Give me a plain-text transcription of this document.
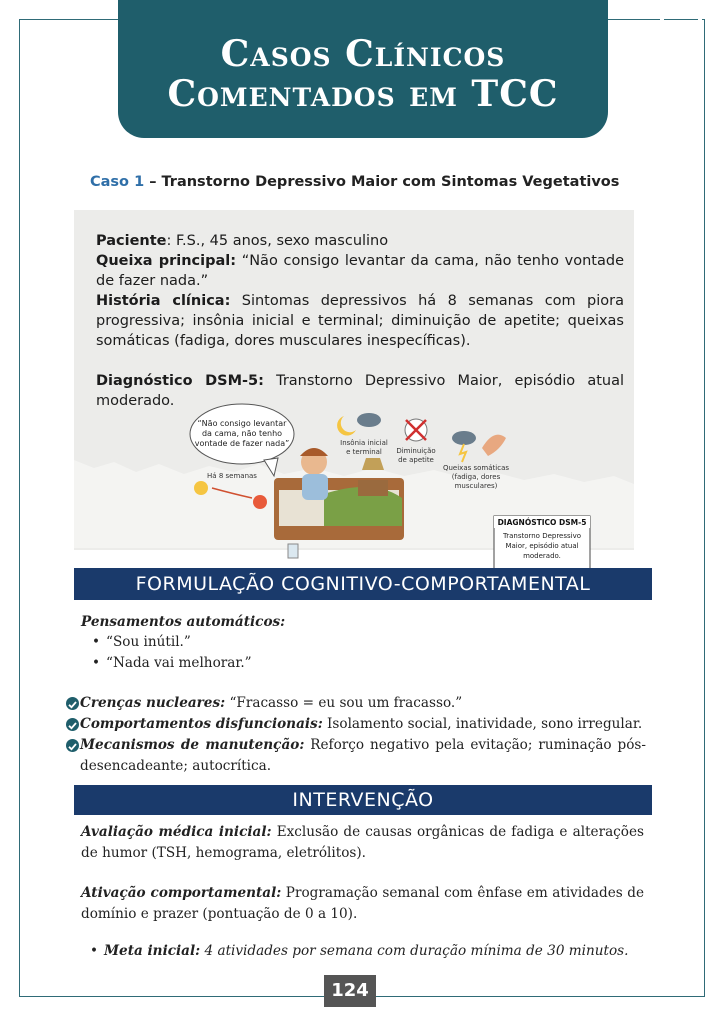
Casos Clínicos
Comentados em TCC
Caso 1 – Transtorno Depressivo Maior com Sintomas Vegetativos

Paciente: F.S., 45 anos, sexo masculino

Queixa principal: “Não consigo levantar da cama, não tenho vontade de fazer nada.”

História clínica: Sintomas depressivos há 8 semanas com piora progressiva; insônia inicial e terminal; diminuição de apetite; queixas somáticas (fadiga, dores musculares inespecíficas).

Diagnóstico DSM-5: Transtorno Depressivo Maior, episódio atual moderado.

“Não consigo levantar
da cama, não tenho
vontade de fazer nada”
Há 8 semanas
Insônia inicial
e terminal Diminuição
de apetite
Queixas somáticas
(fadiga, dores
musculares)
DIAGNÓSTICO DSM-5
Transtorno Depressivo
Maior, episódio atual
moderado.
FORMULAÇÃO COGNITIVO-COMPORTAMENTAL
Pensamentos automáticos:
• “Sou inútil.”
• “Nada vai melhorar.”
Crenças nucleares: “Fracasso = eu sou um fracasso.”
Comportamentos disfuncionais: Isolamento social, inatividade, sono irregular.
Mecanismos de manutenção: Reforço negativo pela evitação; ruminação pós-desencadeante; autocrítica.
INTERVENÇÃO
Avaliação médica inicial: Exclusão de causas orgânicas de fadiga e alterações de humor (TSH, hemograma, eletrólitos).
Ativação comportamental: Programação semanal com ênfase em atividades de domínio e prazer (pontuação de 0 a 10).
• Meta inicial: 4 atividades por semana com duração mínima de 30 minutos.
124
